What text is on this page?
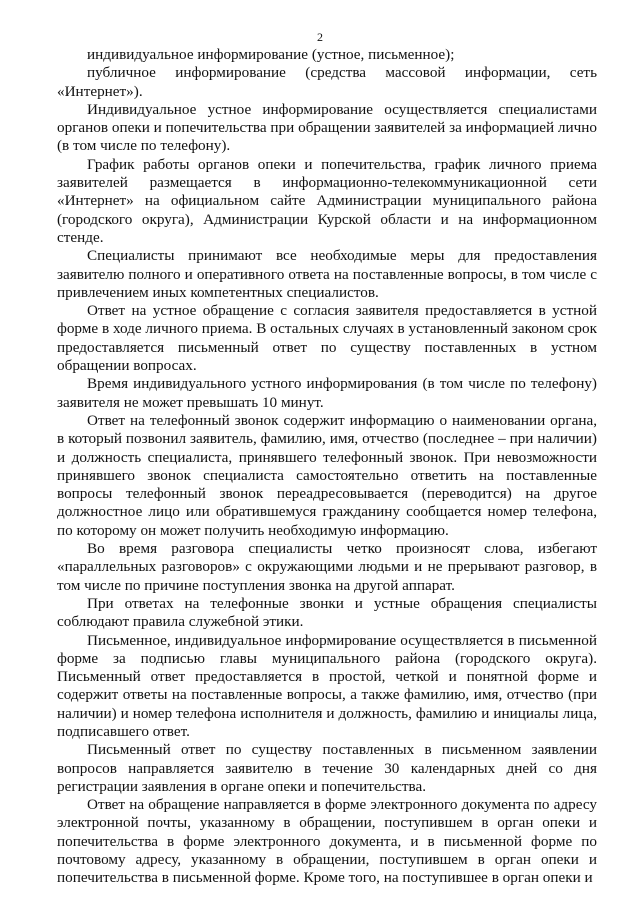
2

индивидуальное информирование (устное, письменное);

публичное информирование (средства массовой информации, сеть «Интернет»).

Индивидуальное устное информирование осуществляется специалистами органов опеки и попечительства при обращении заявителей за информацией лично (в том числе по телефону).

График работы органов опеки и попечительства, график личного приема заявителей размещается в информационно-телекоммуникационной сети «Интернет» на официальном сайте Администрации муниципального района (городского округа), Администрации Курской области и на информационном стенде.

Специалисты принимают все необходимые меры для предоставления заявителю полного и оперативного ответа на поставленные вопросы, в том числе с привлечением иных компетентных специалистов.

Ответ на устное обращение с согласия заявителя предоставляется в устной форме в ходе личного приема. В остальных случаях в установленный законом срок предоставляется письменный ответ по существу поставленных в устном обращении вопросах.

Время индивидуального устного информирования (в том числе по телефону) заявителя не может превышать 10 минут.

Ответ на телефонный звонок содержит информацию о наименовании органа, в который позвонил заявитель, фамилию, имя, отчество (последнее – при наличии) и должность специалиста, принявшего телефонный звонок. При невозможности принявшего звонок специалиста самостоятельно ответить на поставленные вопросы телефонный звонок переадресовывается (переводится) на другое должностное лицо или обратившемуся гражданину сообщается номер телефона, по которому он может получить необходимую информацию.

Во время разговора специалисты четко произносят слова, избегают «параллельных разговоров» с окружающими людьми и не прерывают разговор, в том числе по причине поступления звонка на другой аппарат.

При ответах на телефонные звонки и устные обращения специалисты соблюдают правила служебной этики.

Письменное, индивидуальное информирование осуществляется в письменной форме за подписью главы муниципального района (городского округа). Письменный ответ предоставляется в простой, четкой и понятной форме и содержит ответы на поставленные вопросы, а также фамилию, имя, отчество (при наличии) и номер телефона исполнителя и должность, фамилию и инициалы лица, подписавшего ответ.

Письменный ответ по существу поставленных в письменном заявлении вопросов направляется заявителю в течение 30 календарных дней со дня регистрации заявления в органе опеки и попечительства.

Ответ на обращение направляется в форме электронного документа по адресу электронной почты, указанному в обращении, поступившем в орган опеки и попечительства в форме электронного документа, и в письменной форме по почтовому адресу, указанному в обращении, поступившем в орган опеки и попечительства в письменной форме. Кроме того, на поступившее в орган опеки и
